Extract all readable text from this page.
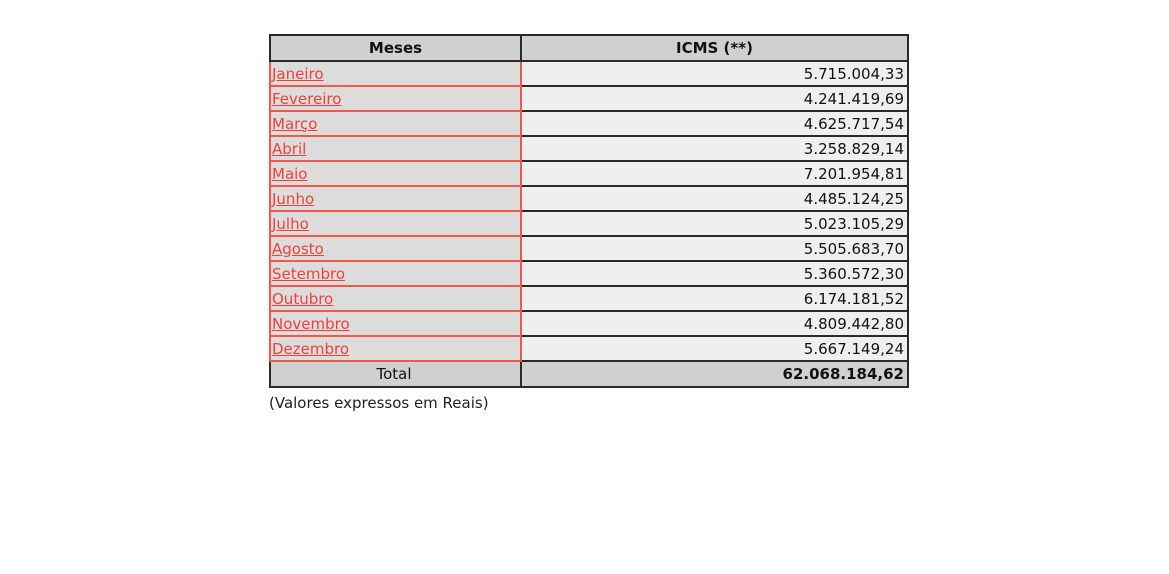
Meses	ICMS (**)
Janeiro	5.715.004,33
Fevereiro	4.241.419,69
Março	4.625.717,54
Abril	3.258.829,14
Maio	7.201.954,81
Junho	4.485.124,25
Julho	5.023.105,29
Agosto	5.505.683,70
Setembro	5.360.572,30
Outubro	6.174.181,52
Novembro	4.809.442,80
Dezembro	5.667.149,24
Total	62.068.184,62
(Valores expressos em Reais)
